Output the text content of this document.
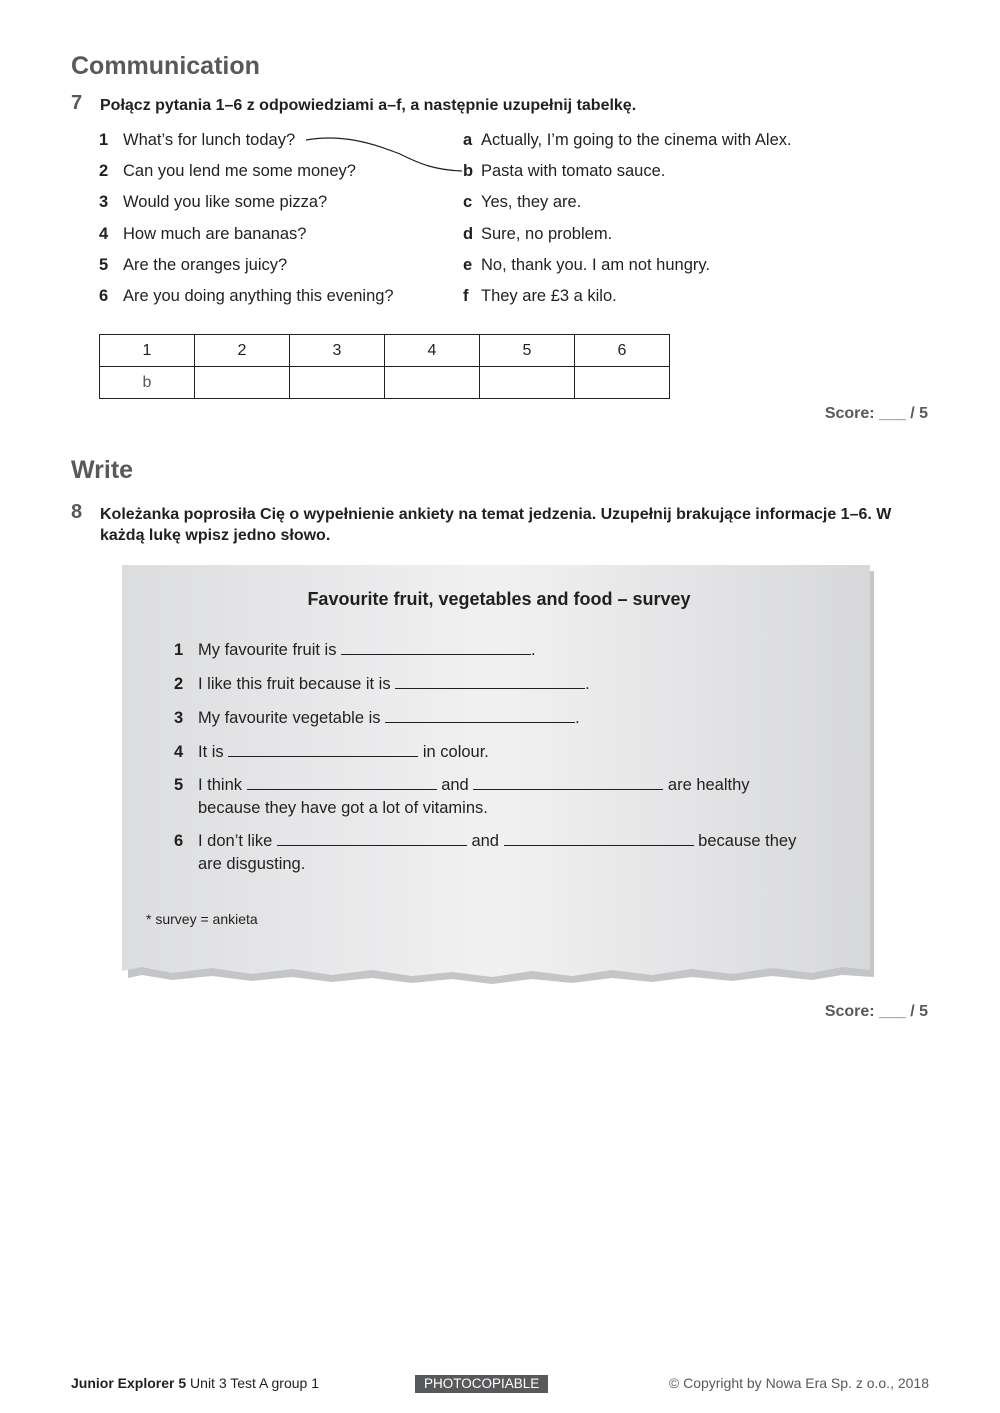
Communication
7 Połącz pytania 1–6 z odpowiedziami a–f, a następnie uzupełnij tabelkę.
1 What’s for lunch today?
2 Can you lend me some money?
3 Would you like some pizza?
4 How much are bananas?
5 Are the oranges juicy?
6 Are you doing anything this evening?
a Actually, I’m going to the cinema with Alex.
b Pasta with tomato sauce.
c Yes, they are.
d Sure, no problem.
e No, thank you. I am not hungry.
f They are £3 a kilo.
1	2	3	4	5	6
b					
Score: ___ / 5
Write
8 Koleżanka poprosiła Cię o wypełnienie ankiety na temat jedzenia. Uzupełnij brakujące informacje 1–6. W każdą lukę wpisz jedno słowo.
Favourite fruit, vegetables and food – survey
1 My favourite fruit is	.
2 I like this fruit because it is	.
3 My favourite vegetable is	.
4 It is	in colour.
5 I think	and	are healthy because they have got a lot of vitamins.
6 I don’t like	and	because they are disgusting.
* survey = ankieta
Score: ___ / 5
Junior Explorer 5 Unit 3 Test A group 1	PHOTOCOPIABLE	© Copyright by Nowa Era Sp. z o.o., 2018
